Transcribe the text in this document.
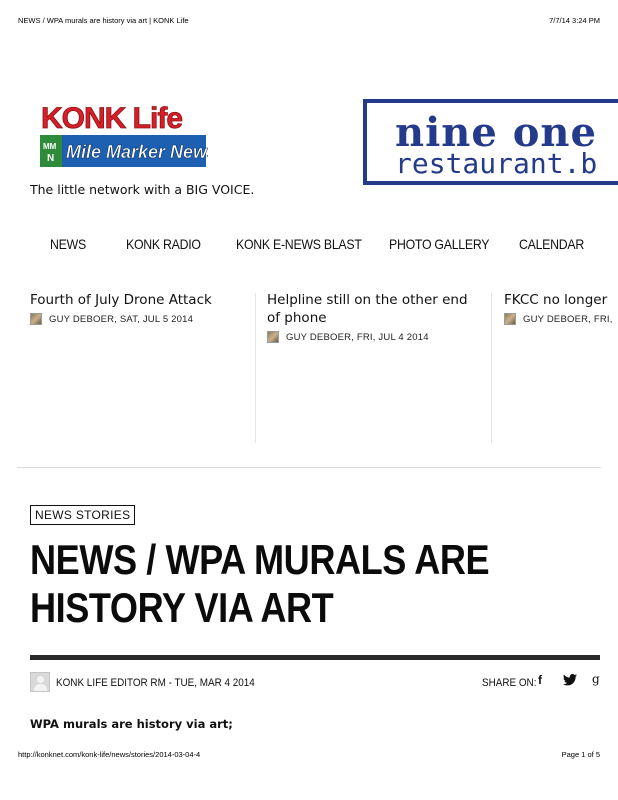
NEWS / WPA murals are history via art | KONK Life	7/7/14 3:24 PM
KONK Life
MM
N Mile Marker News
The little network with a BIG VOICE.
nine one
restaurant.b
NEWS	KONK RADIO	KONK E-NEWS BLAST PHOTO GALLERY CALENDAR
Fourth of July Drone Attack
GUY DEBOER, SAT, JUL 5 2014
Helpline still on the other end of phone
GUY DEBOER, FRI, JUL 4 2014
FKCC no longer
GUY DEBOER, FRI,
NEWS STORIES
NEWS / WPA MURALS ARE HISTORY VIA ART
KONK LIFE EDITOR RM - TUE, MAR 4 2014	SHARE ON: f	g
WPA murals are history via art;
http://konknet.com/konk-life/news/stories/2014-03-04-4	Page 1 of 5
